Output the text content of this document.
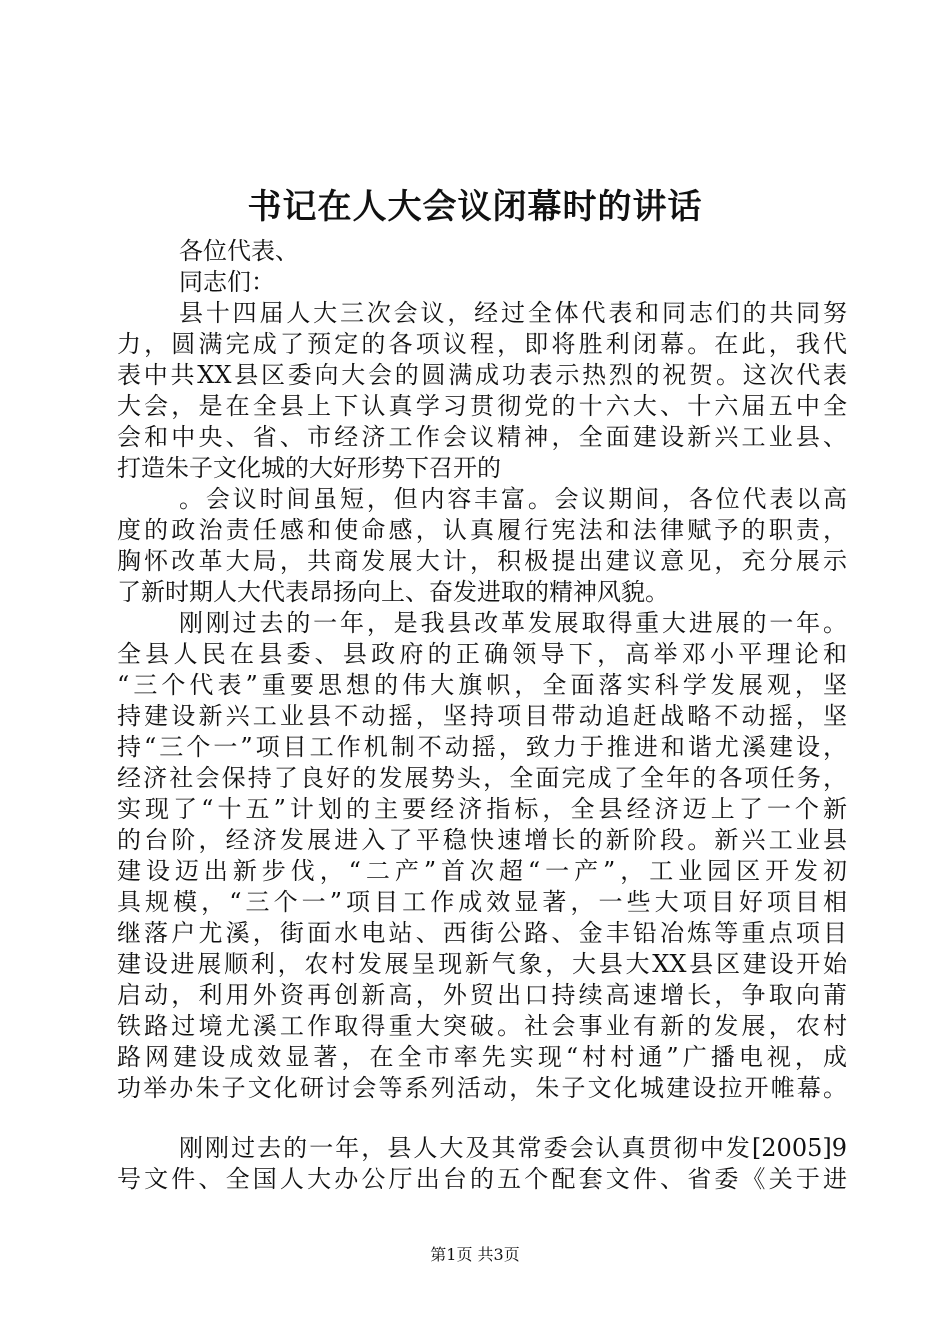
书记在人大会议闭幕时的讲话
各位代表、
同志们：
县十四届人大三次会议，经过全体代表和同志们的共同努
力，圆满完成了预定的各项议程，即将胜利闭幕。在此，我代
表中共XX县区委向大会的圆满成功表示热烈的祝贺。这次代表
大会，是在全县上下认真学习贯彻党的十六大、十六届五中全
会和中央、省、市经济工作会议精神，全面建设新兴工业县、
打造朱子文化城的大好形势下召开的
。会议时间虽短，但内容丰富。会议期间，各位代表以高
度的政治责任感和使命感，认真履行宪法和法律赋予的职责，
胸怀改革大局，共商发展大计，积极提出建议意见，充分展示
了新时期人大代表昂扬向上、奋发进取的精神风貌。
刚刚过去的一年，是我县改革发展取得重大进展的一年。
全县人民在县委、县政府的正确领导下，高举邓小平理论和
“三个代表”重要思想的伟大旗帜，全面落实科学发展观，坚
持建设新兴工业县不动摇，坚持项目带动追赶战略不动摇，坚
持“三个一”项目工作机制不动摇，致力于推进和谐尤溪建设，
经济社会保持了良好的发展势头，全面完成了全年的各项任务，
实现了“十五”计划的主要经济指标，全县经济迈上了一个新
的台阶，经济发展进入了平稳快速增长的新阶段。新兴工业县
建设迈出新步伐，“二产”首次超“一产”，工业园区开发初
具规模，“三个一”项目工作成效显著，一些大项目好项目相
继落户尤溪，街面水电站、西街公路、金丰铅冶炼等重点项目
建设进展顺利，农村发展呈现新气象，大县大XX县区建设开始
启动，利用外资再创新高，外贸出口持续高速增长，争取向莆
铁路过境尤溪工作取得重大突破。社会事业有新的发展，农村
路网建设成效显著，在全市率先实现“村村通”广播电视，成
功举办朱子文化研讨会等系列活动，朱子文化城建设拉开帷幕。
刚刚过去的一年，县人大及其常委会认真贯彻中发[2005]9
号文件、全国人大办公厅出台的五个配套文件、省委《关于进
第1页 共3页
